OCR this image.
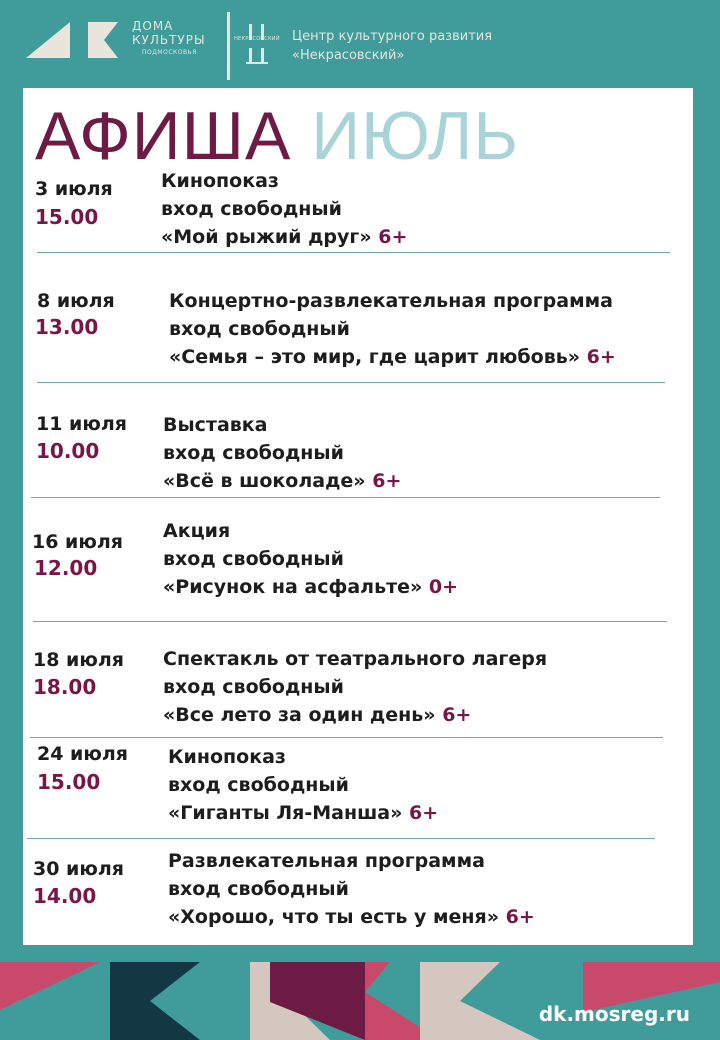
ДОМА
КУЛЬТУРЫ
ПОДМОСКОВЬЯ
НЕКРАСОВСКИЙ Центр культурного развития
«Некрасовский»
АФИША ИЮЛЬ
3 июля
15.00
Кинопоказ
вход свободный
«Мой рыжий друг» 6+
8 июля
13.00
Концертно-развлекательная программа
вход свободный
«Семья – это мир, где царит любовь» 6+
11 июля
10.00
Выставка
вход свободный
«Всё в шоколаде» 6+
16 июля
12.00
Акция
вход свободный
«Рисунок на асфальте» 0+
18 июля
18.00
Спектакль от театрального лагеря
вход свободный
«Все лето за один день» 6+
24 июля
15.00
Кинопоказ
вход свободный
«Гиганты Ля-Манша» 6+
30 июля
14.00
Развлекательная программа
вход свободный
«Хорошо, что ты есть у меня» 6+
dk.mosreg.ru
